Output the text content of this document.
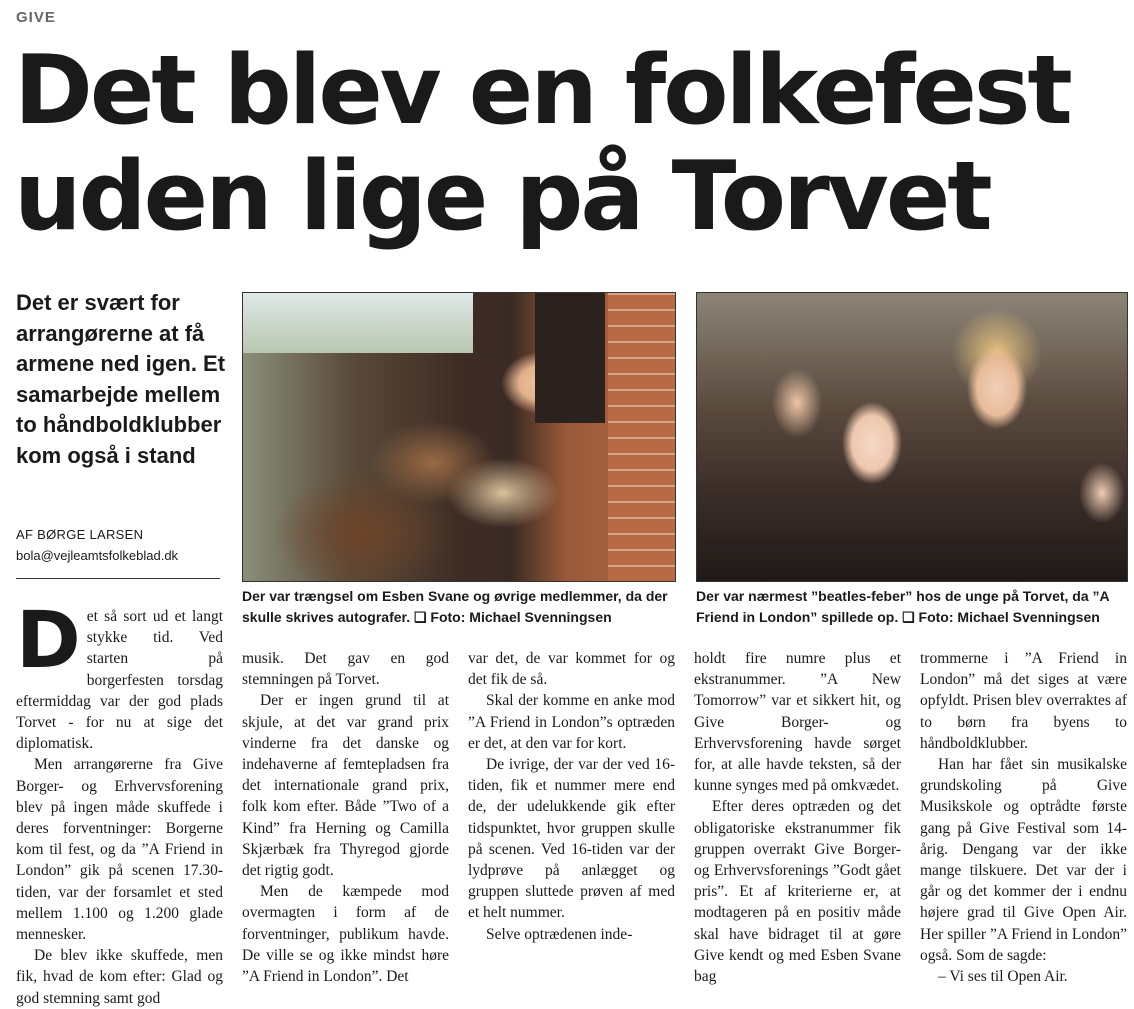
GIVE
Det blev en folkefest
uden lige på Torvet
Det er svært for arrangørerne at få armene ned igen. Et samarbejde mellem to håndboldklubber kom også i stand
AF BØRGE LARSEN
bola@vejleamtsfolkeblad.dk
Der var trængsel om Esben Svane og øvrige medlemmer, da der skulle skrives autografer. ❏ Foto: Michael Svenningsen
Der var nærmest ”beatles-feber” hos de unge på Torvet, da ”A Friend in London” spillede op. ❏ Foto: Michael Svenningsen
D et så sort ud et langt stykke tid. Ved starten på borgerfesten torsdag eftermiddag var der god plads Torvet - for nu at sige det diplomatisk.

Men arrangørerne fra Give Borger- og Erhvervsforening blev på ingen måde skuffede i deres forventninger: Borgerne kom til fest, og da ”A Friend in London” gik på scenen 17.30-tiden, var der forsamlet et sted mellem 1.100 og 1.200 glade mennesker.

De blev ikke skuffede, men fik, hvad de kom efter: Glad og god stemning samt god

musik. Det gav en god stemningen på Torvet.

Der er ingen grund til at skjule, at det var grand prix vinderne fra det danske og indehaverne af femtepladsen fra det internationale grand prix, folk kom efter. Både ”Two of a Kind” fra Herning og Camilla Skjærbæk fra Thyregod gjorde det rigtig godt.

Men de kæmpede mod overmagten i form af de forventninger, publikum havde. De ville se og ikke mindst høre ”A Friend in London”. Det

var det, de var kommet for og det fik de så.

Skal der komme en anke mod ”A Friend in London”s optræden er det, at den var for kort.

De ivrige, der var der ved 16-tiden, fik et nummer mere end de, der udelukkende gik efter tidspunktet, hvor gruppen skulle på scenen. Ved 16-tiden var der lydprøve på anlægget og gruppen sluttede prøven af med et helt nummer.

Selve optrædenen inde-

holdt fire numre plus et ekstranummer. ”A New Tomorrow” var et sikkert hit, og Give Borger- og Erhvervsforening havde sørget for, at alle havde teksten, så der kunne synges med på omkvædet.

Efter deres optræden og det obligatoriske ekstranummer fik gruppen overrakt Give Borger- og Erhvervsforenings ”Godt gået pris”. Et af kriterierne er, at modtageren på en positiv måde skal have bidraget til at gøre Give kendt og med Esben Svane bag

trommerne i ”A Friend in London” må det siges at være opfyldt. Prisen blev overraktes af to børn fra byens to håndboldklubber.

Han har fået sin musikalske grundskoling på Give Musikskole og optrådte første gang på Give Festival som 14-årig. Dengang var der ikke mange tilskuere. Det var der i går og det kommer der i endnu højere grad til Give Open Air. Her spiller ”A Friend in London” også. Som de sagde:

– Vi ses til Open Air.
